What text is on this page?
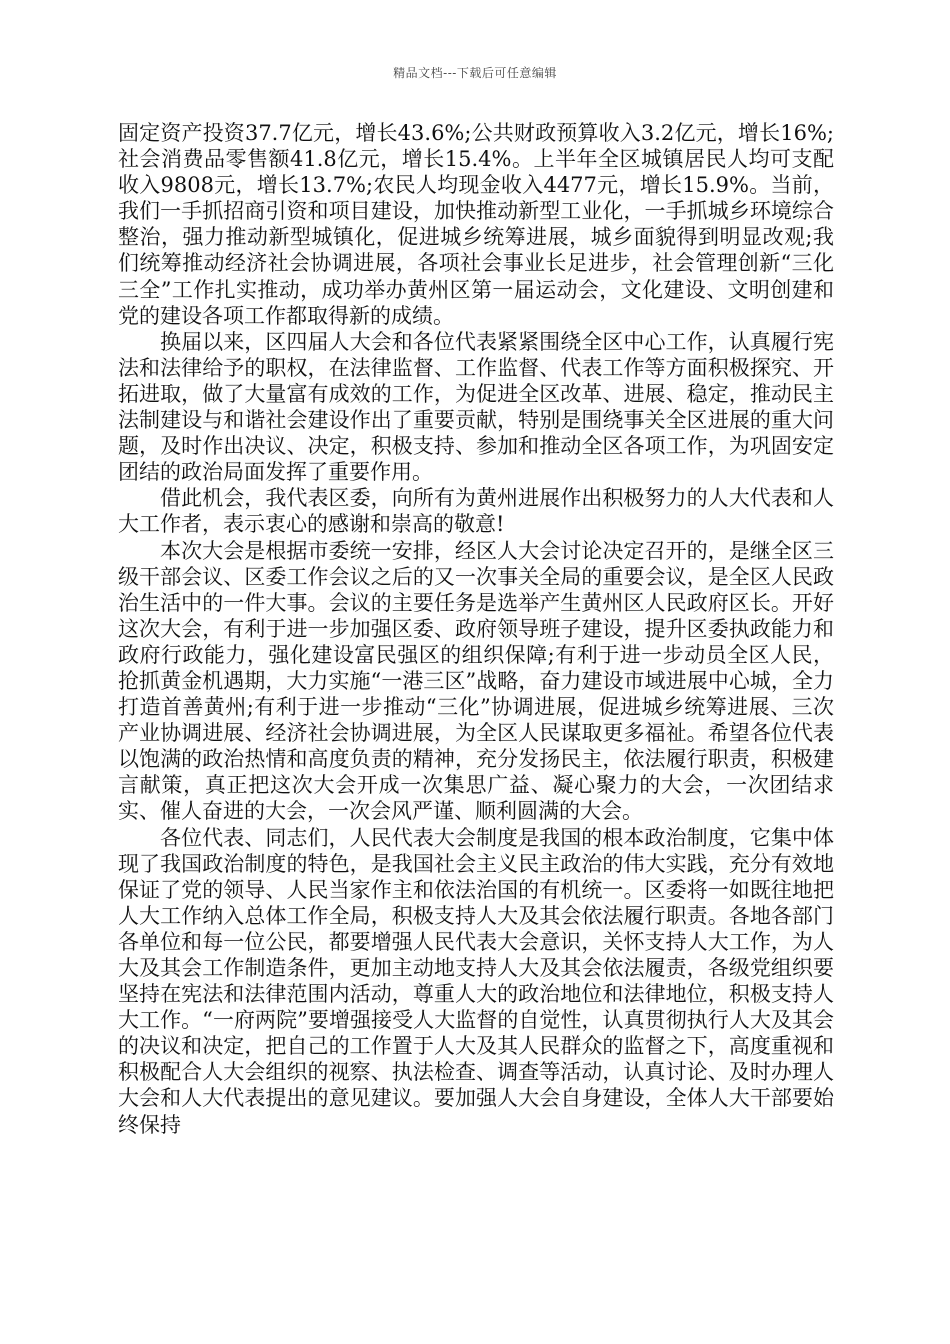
精品文档---下载后可任意编辑

固定资产投资37.7亿元，增长43.6%;公共财政预算收入3.2亿元，增长16%;社会消费品零售额41.8亿元，增长15.4%。上半年全区城镇居民人均可支配收入9808元，增长13.7%;农民人均现金收入4477元，增长15.9%。当前，我们一手抓招商引资和项目建设，加快推动新型工业化，一手抓城乡环境综合整治，强力推动新型城镇化，促进城乡统筹进展，城乡面貌得到明显改观;我们统筹推动经济社会协调进展，各项社会事业长足进步，社会管理创新“三化三全”工作扎实推动，成功举办黄州区第一届运动会，文化建设、文明创建和党的建设各项工作都取得新的成绩。

换届以来，区四届人大会和各位代表紧紧围绕全区中心工作，认真履行宪法和法律给予的职权，在法律监督、工作监督、代表工作等方面积极探究、开拓进取，做了大量富有成效的工作，为促进全区改革、进展、稳定，推动民主法制建设与和谐社会建设作出了重要贡献，特别是围绕事关全区进展的重大问题，及时作出决议、决定，积极支持、参加和推动全区各项工作，为巩固安定团结的政治局面发挥了重要作用。

借此机会，我代表区委，向所有为黄州进展作出积极努力的人大代表和人大工作者，表示衷心的感谢和崇高的敬意!

本次大会是根据市委统一安排，经区人大会讨论决定召开的，是继全区三级干部会议、区委工作会议之后的又一次事关全局的重要会议，是全区人民政治生活中的一件大事。会议的主要任务是选举产生黄州区人民政府区长。开好这次大会，有利于进一步加强区委、政府领导班子建设，提升区委执政能力和政府行政能力，强化建设富民强区的组织保障;有利于进一步动员全区人民，抢抓黄金机遇期，大力实施“一港三区”战略，奋力建设市域进展中心城，全力打造首善黄州;有利于进一步推动“三化”协调进展，促进城乡统筹进展、三次产业协调进展、经济社会协调进展，为全区人民谋取更多福祉。希望各位代表以饱满的政治热情和高度负责的精神，充分发扬民主，依法履行职责，积极建言献策，真正把这次大会开成一次集思广益、凝心聚力的大会，一次团结求实、催人奋进的大会，一次会风严谨、顺利圆满的大会。

各位代表、同志们，人民代表大会制度是我国的根本政治制度，它集中体现了我国政治制度的特色，是我国社会主义民主政治的伟大实践，充分有效地保证了党的领导、人民当家作主和依法治国的有机统一。区委将一如既往地把人大工作纳入总体工作全局，积极支持人大及其会依法履行职责。各地各部门各单位和每一位公民，都要增强人民代表大会意识，关怀支持人大工作，为人大及其会工作制造条件，更加主动地支持人大及其会依法履责，各级党组织要坚持在宪法和法律范围内活动，尊重人大的政治地位和法律地位，积极支持人大工作。“一府两院”要增强接受人大监督的自觉性，认真贯彻执行人大及其会的决议和决定，把自己的工作置于人大及其人民群众的监督之下，高度重视和积极配合人大会组织的视察、执法检查、调查等活动，认真讨论、及时办理人大会和人大代表提出的意见建议。要加强人大会自身建设，全体人大干部要始终保持
